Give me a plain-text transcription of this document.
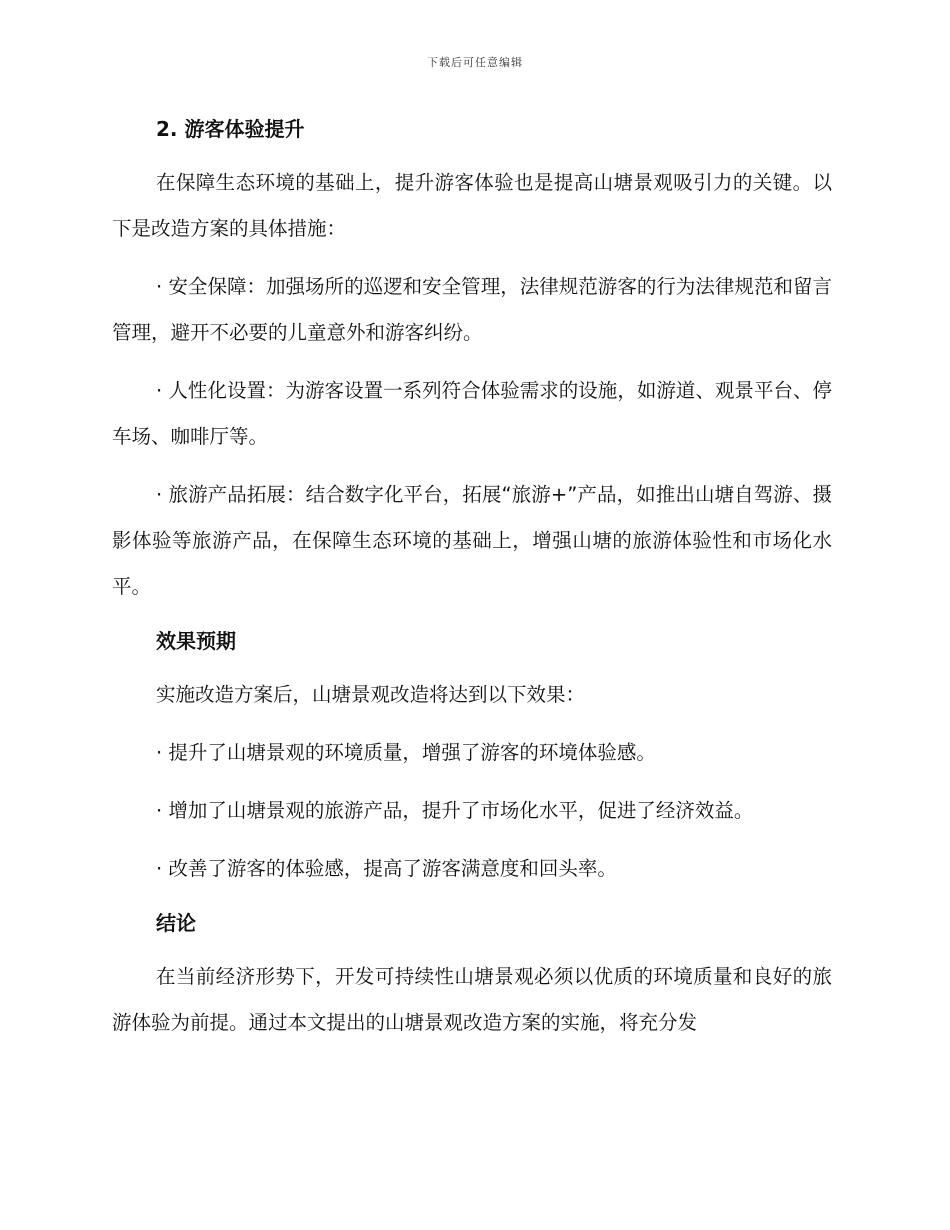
下载后可任意编辑
2. 游客体验提升

在保障生态环境的基础上，提升游客体验也是提高山塘景观吸引力的关键。以下是改造方案的具体措施：

· 安全保障：加强场所的巡逻和安全管理，法律规范游客的行为法律规范和留言管理，避开不必要的儿童意外和游客纠纷。

· 人性化设置：为游客设置一系列符合体验需求的设施，如游道、观景平台、停车场、咖啡厅等。

· 旅游产品拓展：结合数字化平台，拓展“旅游+”产品，如推出山塘自驾游、摄影体验等旅游产品，在保障生态环境的基础上，增强山塘的旅游体验性和市场化水平。

效果预期

实施改造方案后，山塘景观改造将达到以下效果：

· 提升了山塘景观的环境质量，增强了游客的环境体验感。

· 增加了山塘景观的旅游产品，提升了市场化水平，促进了经济效益。

· 改善了游客的体验感，提高了游客满意度和回头率。

结论

在当前经济形势下，开发可持续性山塘景观必须以优质的环境质量和良好的旅游体验为前提。通过本文提出的山塘景观改造方案的实施，将充分发
